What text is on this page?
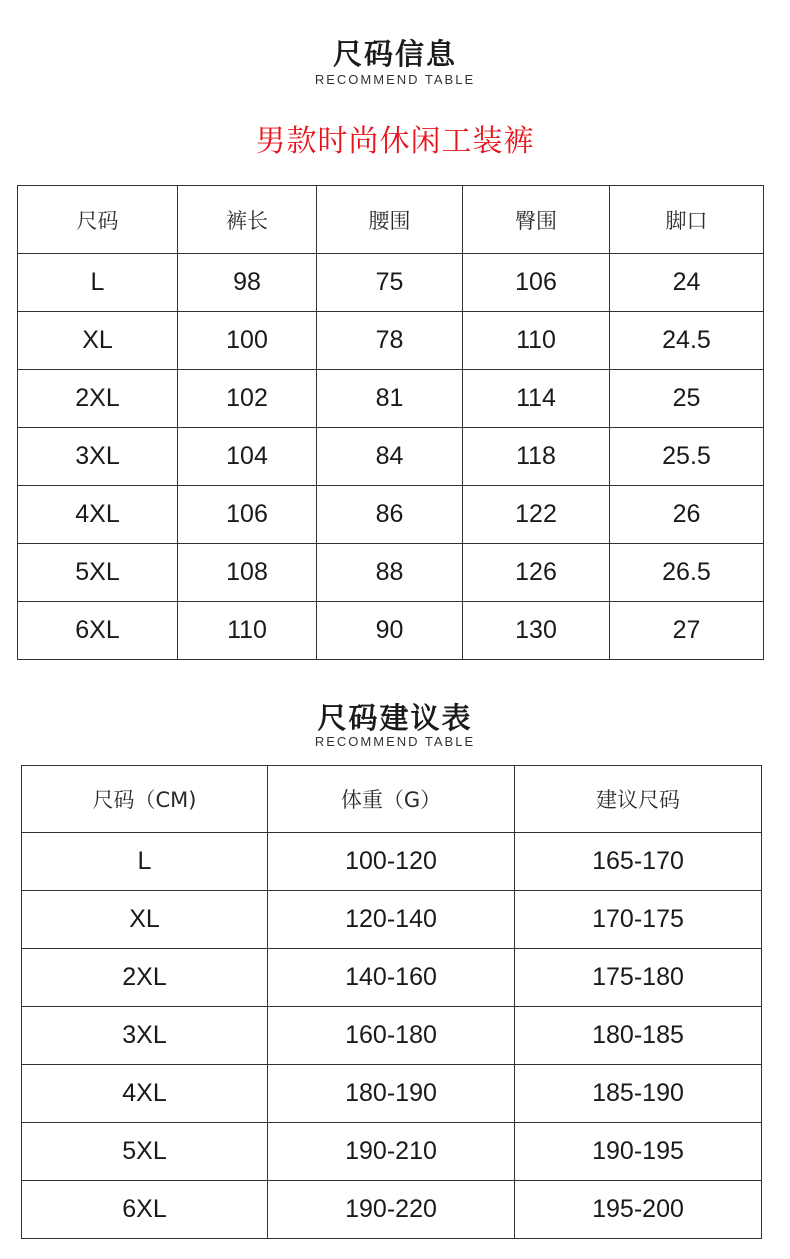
尺码信息
RECOMMEND TABLE
男款时尚休闲工装裤
尺码	裤长	腰围	臀围	脚口
L	98	75	106	24
XL	100	78	110	24.5
2XL	102	81	114	25
3XL	104	84	118	25.5
4XL	106	86	122	26
5XL	108	88	126	26.5
6XL	110	90	130	27
尺码建议表
RECOMMEND TABLE
尺码（CM)	体重（G）	建议尺码
L	100-120	165-170
XL	120-140	170-175
2XL	140-160	175-180
3XL	160-180	180-185
4XL	180-190	185-190
5XL	190-210	190-195
6XL	190-220	195-200
